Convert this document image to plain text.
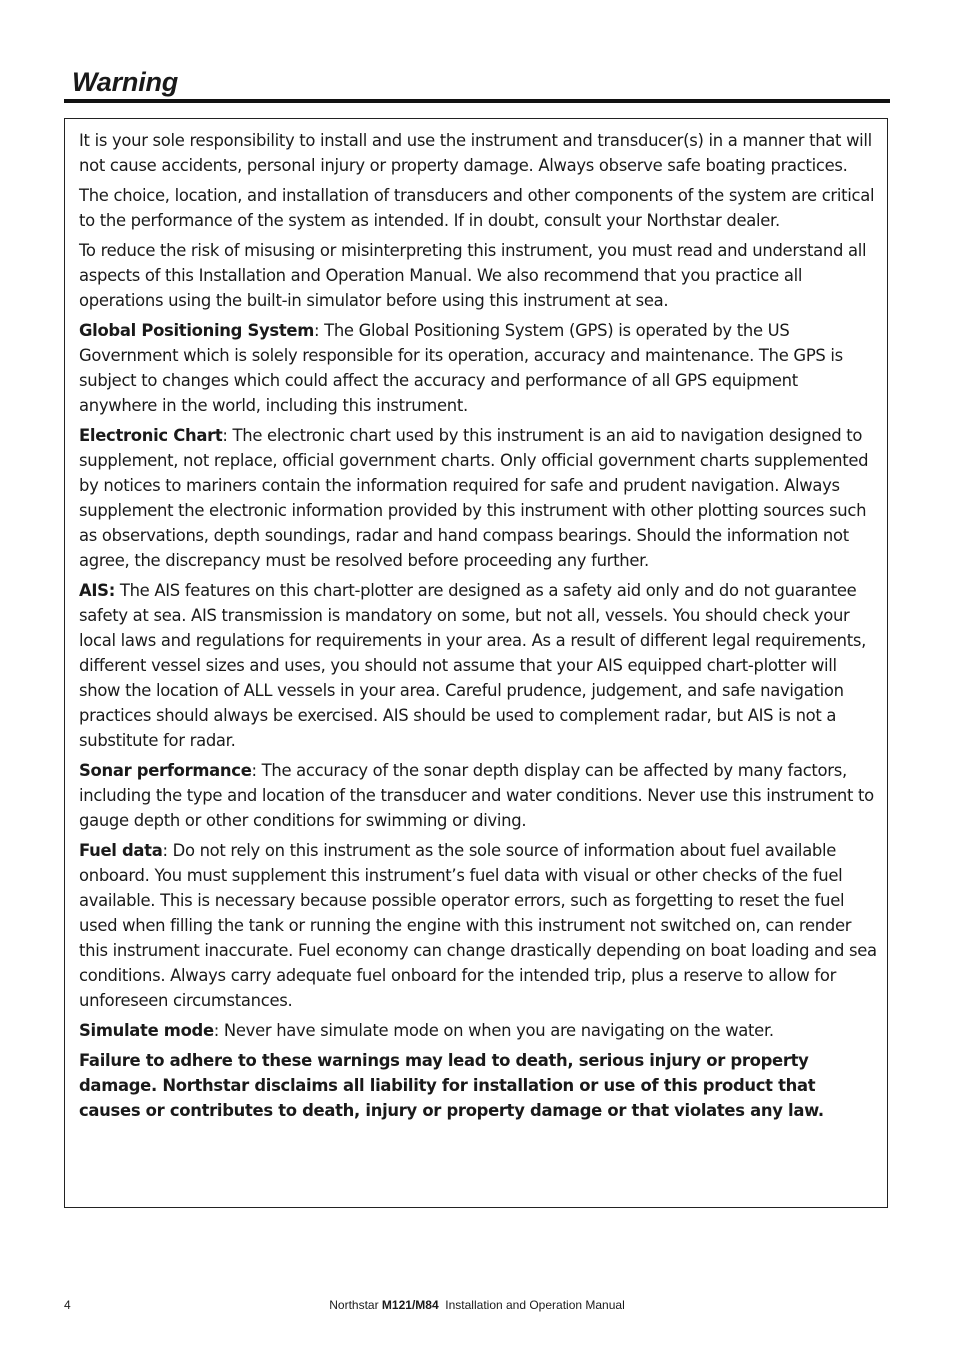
Warning

It is your sole responsibility to install and use the instrument and transducer(s) in a manner that will not cause accidents, personal injury or property damage. Always observe safe boating practices.

The choice, location, and installation of transducers and other components of the system are critical to the performance of the system as intended. If in doubt, consult your Northstar dealer.

To reduce the risk of misusing or misinterpreting this instrument, you must read and understand all aspects of this Installation and Operation Manual. We also recommend that you practice all operations using the built-in simulator before using this instrument at sea.

Global Positioning System: The Global Positioning System (GPS) is operated by the US Government which is solely responsible for its operation, accuracy and maintenance. The GPS is subject to changes which could affect the accuracy and performance of all GPS equipment anywhere in the world, including this instrument.

Electronic Chart: The electronic chart used by this instrument is an aid to navigation designed to supplement, not replace, official government charts. Only official government charts supplemented by notices to mariners contain the information required for safe and prudent navigation. Always supplement the electronic information provided by this instrument with other plotting sources such as observations, depth soundings, radar and hand compass bearings. Should the information not agree, the discrepancy must be resolved before proceeding any further.

AIS: The AIS features on this chart-plotter are designed as a safety aid only and do not guarantee safety at sea. AIS transmission is mandatory on some, but not all, vessels. You should check your local laws and regulations for requirements in your area. As a result of different legal requirements, different vessel sizes and uses, you should not assume that your AIS equipped chart-plotter will show the location of ALL vessels in your area. Careful prudence, judgement, and safe navigation practices should always be exercised. AIS should be used to complement radar, but AIS is not a substitute for radar.

Sonar performance: The accuracy of the sonar depth display can be affected by many factors, including the type and location of the transducer and water conditions. Never use this instrument to gauge depth or other conditions for swimming or diving.

Fuel data: Do not rely on this instrument as the sole source of information about fuel available onboard. You must supplement this instrument’s fuel data with visual or other checks of the fuel available. This is necessary because possible operator errors, such as forgetting to reset the fuel used when filling the tank or running the engine with this instrument not switched on, can render this instrument inaccurate. Fuel economy can change drastically depending on boat loading and sea conditions. Always carry adequate fuel onboard for the intended trip, plus a reserve to allow for unforeseen circumstances.

Simulate mode: Never have simulate mode on when you are navigating on the water.

Failure to adhere to these warnings may lead to death, serious injury or property damage. Northstar disclaims all liability for installation or use of this product that causes or contributes to death, injury or property damage or that violates any law.

4	Northstar M121/M84  Installation and Operation Manual
